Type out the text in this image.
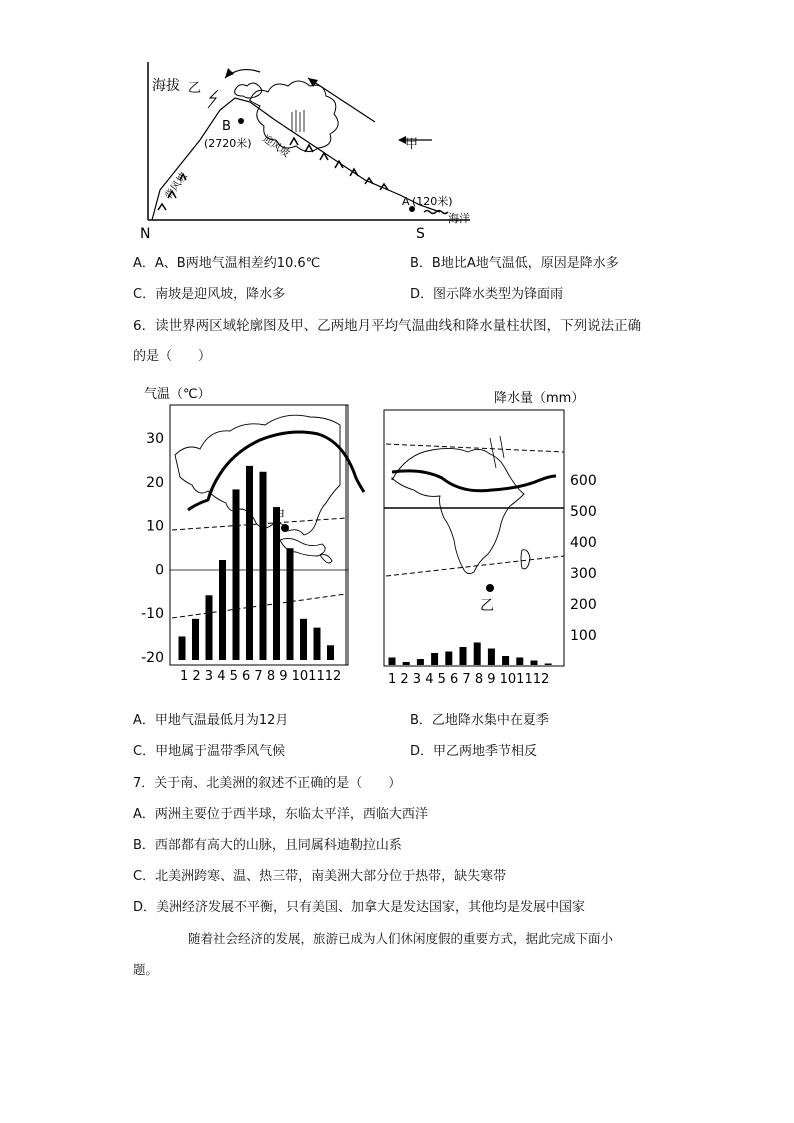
海拔 乙
B
(2720米)
A (120米)
海洋
甲
背风坡
迎风坡
N	S
A．A、B两地气温相差约10.6℃	B．B地比A地气温低，原因是降水多
C．南坡是迎风坡，降水多	D．图示降水类型为锋面雨
6．读世界两区域轮廓图及甲、乙两地月平均气温曲线和降水量柱状图，下列说法正确
的是（　　）
30
20
10
0
-10
-20
气温（℃）
甲
1 2 3 4 5 6 7 8 9 101112
乙
600
500
400
300
200
100
降水量（mm）
1 2 3 4 5 6 7 8 9 101112
A．甲地气温最低月为12月	B．乙地降水集中在夏季
C．甲地属于温带季风气候	D．甲乙两地季节相反
7．关于南、北美洲的叙述不正确的是（　　）
A．两洲主要位于西半球，东临太平洋，西临大西洋
B．西部都有高大的山脉，且同属科迪勒拉山系
C．北美洲跨寒、温、热三带，南美洲大部分位于热带，缺失寒带
D．美洲经济发展不平衡，只有美国、加拿大是发达国家，其他均是发展中国家
随着社会经济的发展，旅游已成为人们休闲度假的重要方式，据此完成下面小
题。
